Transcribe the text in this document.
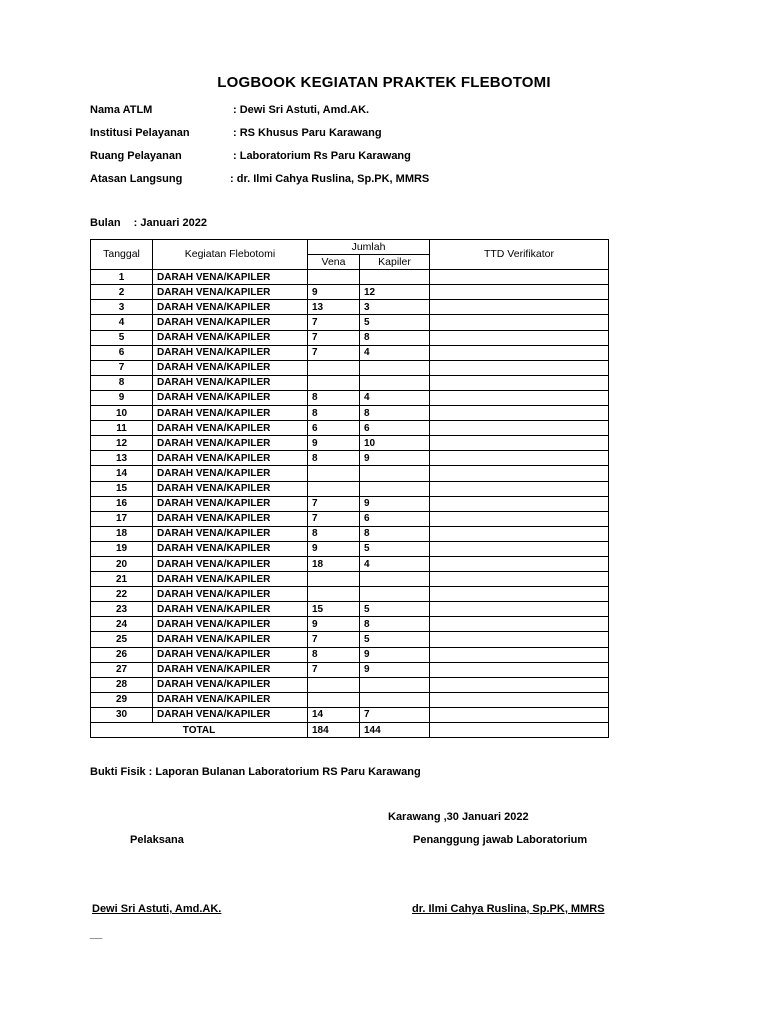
LOGBOOK KEGIATAN PRAKTEK FLEBOTOMI
Nama ATLM	: Dewi Sri Astuti, Amd.AK.
Institusi Pelayanan	: RS Khusus Paru Karawang
Ruang Pelayanan	: Laboratorium Rs Paru Karawang
Atasan Langsung	: dr. Ilmi Cahya Ruslina, Sp.PK, MMRS
Bulan : Januari 2022
Tanggal	Kegiatan Flebotomi	Jumlah		TTD Verifikator
		Vena	Kapiler	
1	DARAH VENA/KAPILER			
2	DARAH VENA/KAPILER	9	12	
3	DARAH VENA/KAPILER	13	3	
4	DARAH VENA/KAPILER	7	5	
5	DARAH VENA/KAPILER	7	8	
6	DARAH VENA/KAPILER	7	4	
7	DARAH VENA/KAPILER			
8	DARAH VENA/KAPILER			
9	DARAH VENA/KAPILER	8	4	
10	DARAH VENA/KAPILER	8	8	
11	DARAH VENA/KAPILER	6	6	
12	DARAH VENA/KAPILER	9	10	
13	DARAH VENA/KAPILER	8	9	
14	DARAH VENA/KAPILER			
15	DARAH VENA/KAPILER			
16	DARAH VENA/KAPILER	7	9	
17	DARAH VENA/KAPILER	7	6	
18	DARAH VENA/KAPILER	8	8	
19	DARAH VENA/KAPILER	9	5	
20	DARAH VENA/KAPILER	18	4	
21	DARAH VENA/KAPILER			
22	DARAH VENA/KAPILER			
23	DARAH VENA/KAPILER	15	5	
24	DARAH VENA/KAPILER	9	8	
25	DARAH VENA/KAPILER	7	5	
26	DARAH VENA/KAPILER	8	9	
27	DARAH VENA/KAPILER	7	9	
28	DARAH VENA/KAPILER			
29	DARAH VENA/KAPILER			
30	DARAH VENA/KAPILER	14	7	
TOTAL		184	144	
Bukti Fisik : Laporan Bulanan Laboratorium RS Paru Karawang
Karawang ,30 Januari 2022
Pelaksana	Penanggung jawab Laboratorium
Dewi Sri Astuti, Amd.AK.	dr. Ilmi Cahya Ruslina, Sp.PK, MMRS
__
